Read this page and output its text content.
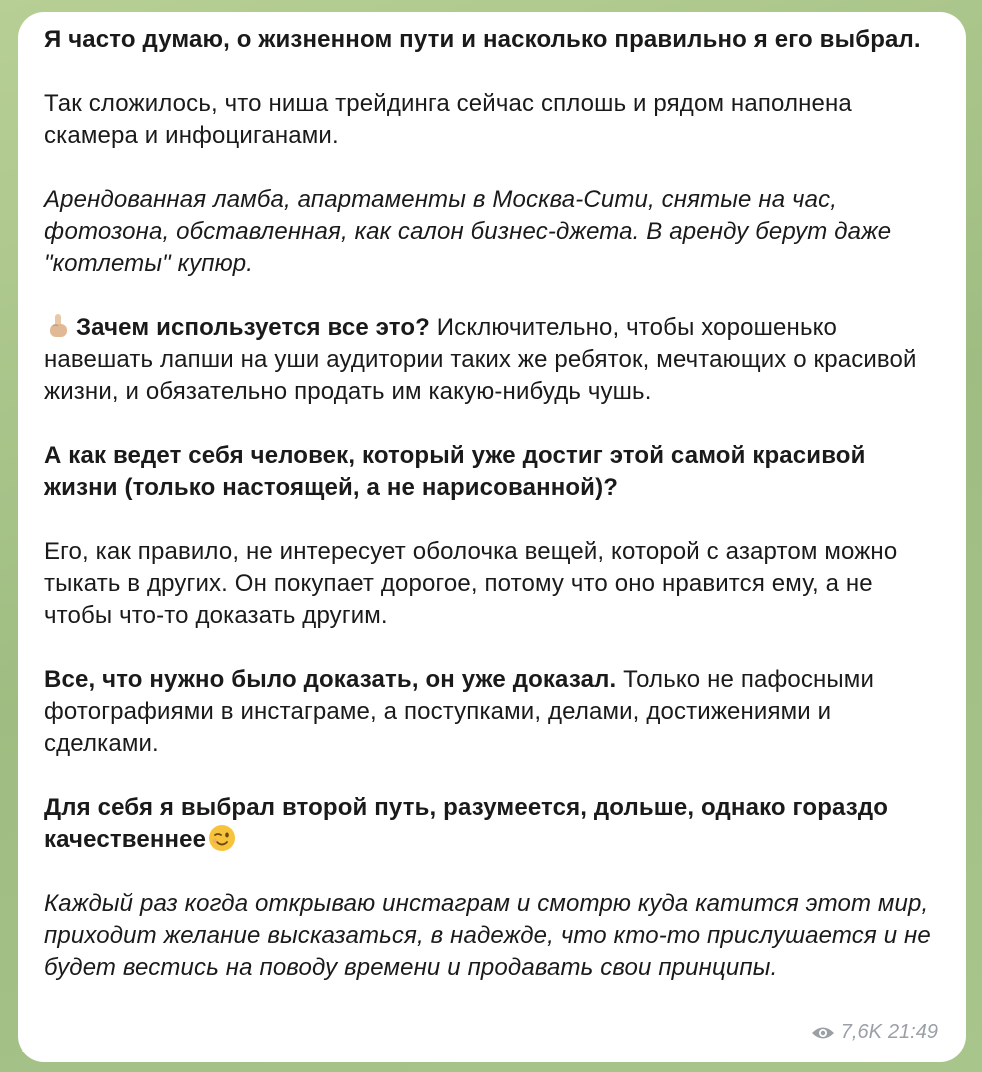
Я часто думаю, о жизненном пути и насколько правильно я его выбрал.

Так сложилось, что ниша трейдинга сейчас сплошь и рядом наполнена скамера и инфоциганами.

Арендованная ламба, апартаменты в Москва-Сити, снятые на час, фотозона, обставленная, как салон бизнес-джета. В аренду берут даже "котлеты" купюр.

Зачем используется все это? Исключительно, чтобы хорошенько навешать лапши на уши аудитории таких же ребяток, мечтающих о красивой жизни, и обязательно продать им какую-нибудь чушь.

А как ведет себя человек, который уже достиг этой самой красивой жизни (только настоящей, а не нарисованной)?

Его, как правило, не интересует оболочка вещей, которой с азартом можно тыкать в других. Он покупает дорогое, потому что оно нравится ему, а не чтобы что-то доказать другим.

Все, что нужно было доказать, он уже доказал. Только не пафосными фотографиями в инстаграме, а поступками, делами, достижениями и сделками.

Для себя я выбрал второй путь, разумеется, дольше, однако гораздо качественнее

Каждый раз когда открываю инстаграм и смотрю куда катится этот мир, приходит желание высказаться, в надежде, что кто-то прислушается и не будет вестись на поводу времени и продавать свои принципы.

7,6K 21:49
